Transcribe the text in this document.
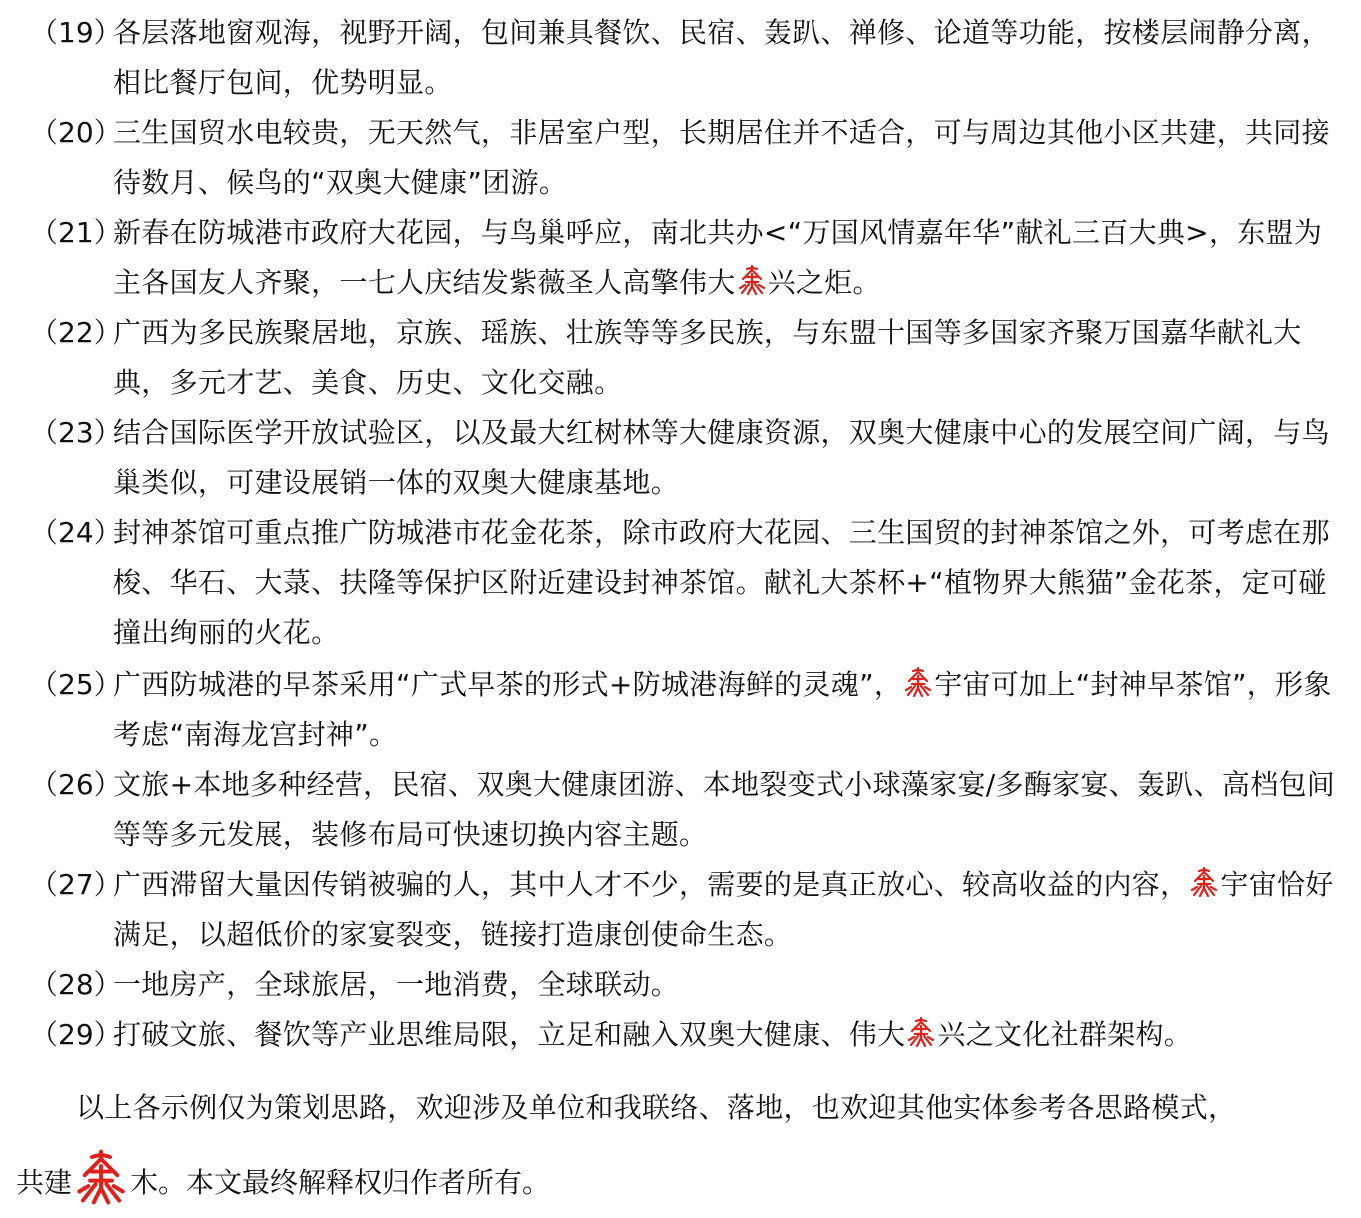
（19）
各层落地窗观海，视野开阔，包间兼具餐饮、民宿、轰趴、禅修、论道等功能，按楼层闹静分离，相比餐厅包间，优势明显。
（20）
三生国贸水电较贵，无天然气，非居室户型，长期居住并不适合，可与周边其他小区共建，共同接待数月、候鸟的“双奥大健康”团游。
（21）
新春在防城港市政府大花园，与鸟巢呼应，南北共办<“万国风情嘉年华”献礼三百大典>，东盟为主各国友人齐聚，一七人庆结发紫薇圣人高擎伟大 兴之炬。
（22）
广西为多民族聚居地，京族、瑶族、壮族等等多民族，与东盟十国等多国家齐聚万国嘉华献礼大典，多元才艺、美食、历史、文化交融。
（23）
结合国际医学开放试验区，以及最大红树林等大健康资源，双奥大健康中心的发展空间广阔，与鸟巢类似，可建设展销一体的双奥大健康基地。
（24）
封神茶馆可重点推广防城港市花金花茶，除市政府大花园、三生国贸的封神茶馆之外，可考虑在那梭、华石、大菉、扶隆等保护区附近建设封神茶馆。献礼大茶杯+“植物界大熊猫”金花茶，定可碰撞出绚丽的火花。
（25）
广西防城港的早茶采用“广式早茶的形式+防城港海鲜的灵魂”， 宇宙可加上“封神早茶馆”，形象考虑“南海龙宫封神”。
（26）
文旅+本地多种经营，民宿、双奥大健康团游、本地裂变式小球藻家宴/多酶家宴、轰趴、高档包间等等多元发展，装修布局可快速切换内容主题。
（27）
广西滞留大量因传销被骗的人，其中人才不少，需要的是真正放心、较高收益的内容， 宇宙恰好满足，以超低价的家宴裂变，链接打造康创使命生态。
（28）
一地房产，全球旅居，一地消费，全球联动。
（29）
打破文旅、餐饮等产业思维局限，立足和融入双奥大健康、伟大 兴之文化社群架构。
以上各示例仅为策划思路，欢迎涉及单位和我联络、落地，也欢迎其他实体参考各思路模式，
共建 木。本文最终解释权归作者所有。
